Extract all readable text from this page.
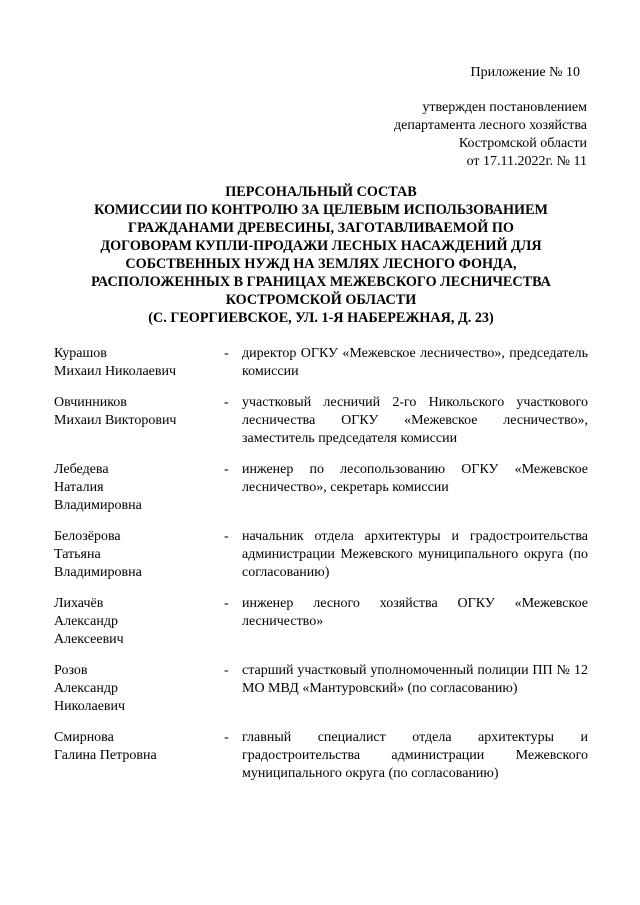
Приложение № 10
утвержден постановлением
департамента лесного хозяйства
Костромской области
от 17.11.2022г. № 11
ПЕРСОНАЛЬНЫЙ СОСТАВ
КОМИССИИ ПО КОНТРОЛЮ ЗА ЦЕЛЕВЫМ ИСПОЛЬЗОВАНИЕМ
ГРАЖДАНАМИ ДРЕВЕСИНЫ, ЗАГОТАВЛИВАЕМОЙ ПО
ДОГОВОРАМ КУПЛИ-ПРОДАЖИ ЛЕСНЫХ НАСАЖДЕНИЙ ДЛЯ
СОБСТВЕННЫХ НУЖД НА ЗЕМЛЯХ ЛЕСНОГО ФОНДА,
РАСПОЛОЖЕННЫХ В ГРАНИЦАХ МЕЖЕВСКОГО ЛЕСНИЧЕСТВА
КОСТРОМСКОЙ ОБЛАСТИ
(С. ГЕОРГИЕВСКОЕ, УЛ. 1-Я НАБЕРЕЖНАЯ, Д. 23)
Курашов
Михаил Николаевич
- директор ОГКУ «Межевское лесничество», председатель комиссии
Овчинников
Михаил Викторович
- участковый лесничий 2-го Никольского участкового лесничества ОГКУ «Межевское лесничество», заместитель председателя комиссии
Лебедева
Наталия
Владимировна
- инженер по лесопользованию ОГКУ «Межевское лесничество», секретарь комиссии
Белозёрова
Татьяна
Владимировна
- начальник отдела архитектуры и градостроительства администрации Межевского муниципального округа (по согласованию)
Лихачёв
Александр
Алексеевич
- инженер лесного хозяйства ОГКУ «Межевское лесничество»
Розов
Александр
Николаевич
- старший участковый уполномоченный полиции ПП № 12 МО МВД «Мантуровский» (по согласованию)
Смирнова
Галина Петровна
- главный специалист отдела архитектуры и градостроительства администрации Межевского муниципального округа (по согласованию)
